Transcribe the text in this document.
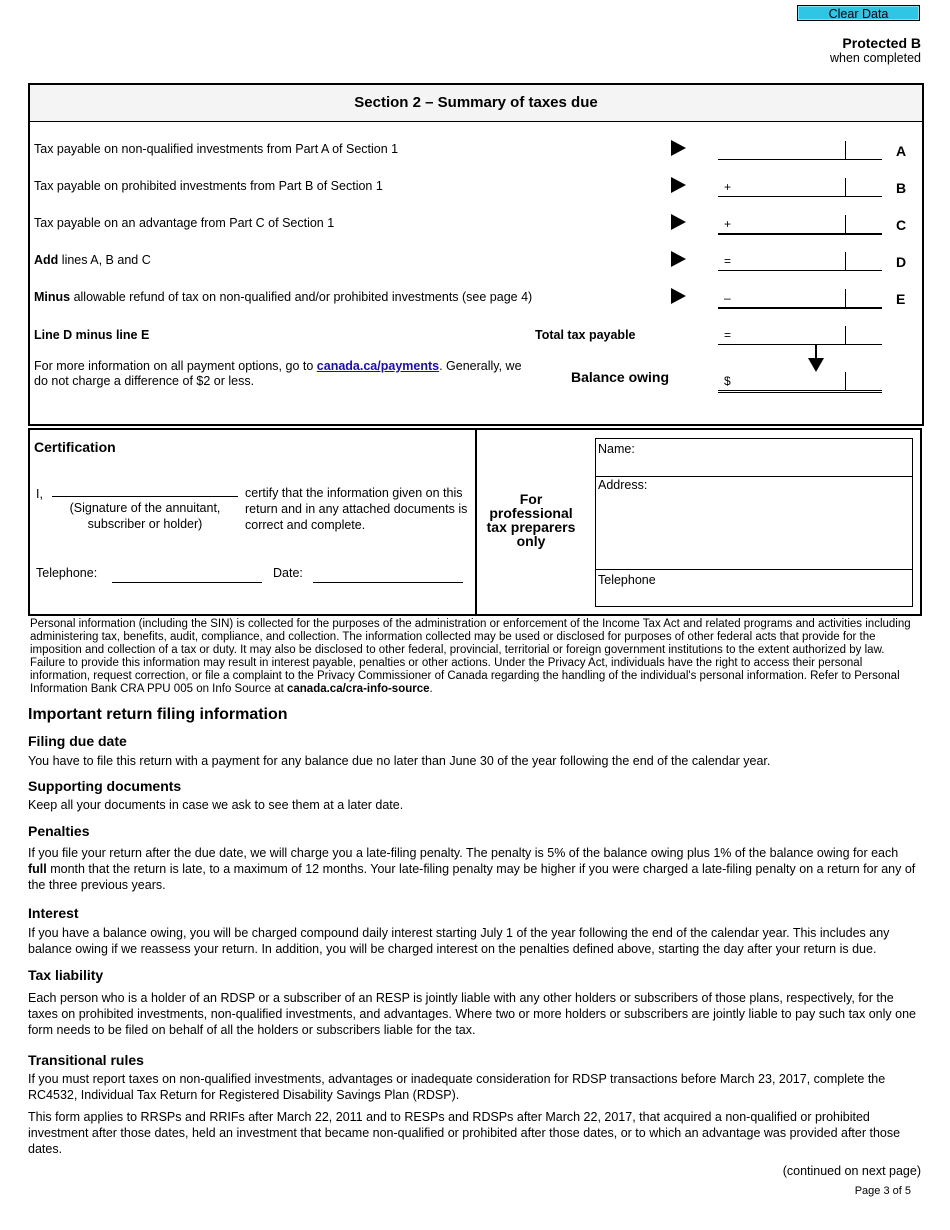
Clear Data
Protected B
when completed
Section 2 – Summary of taxes due
Tax payable on non-qualified investments from Part A of Section 1	A
Tax payable on prohibited investments from Part B of Section 1	+	B
Tax payable on an advantage from Part C of Section 1	+	C
Add lines A, B and C	=	D
Minus allowable refund of tax on non-qualified and/or prohibited investments (see page 4)	–	E
Line D minus line E	Total tax payable	=
For more information on all payment options, go to canada.ca/payments. Generally, we do not charge a difference of $2 or less.	Balance owing	$
Certification
I,
(Signature of the annuitant, subscriber or holder)
certify that the information given on this return and in any attached documents is correct and complete.
Telephone:	Date:
For professional tax preparers only
Name:
Address:
Telephone
Personal information (including the SIN) is collected for the purposes of the administration or enforcement of the Income Tax Act and related programs and activities including administering tax, benefits, audit, compliance, and collection. The information collected may be used or disclosed for purposes of other federal acts that provide for the imposition and collection of a tax or duty. It may also be disclosed to other federal, provincial, territorial or foreign government institutions to the extent authorized by law. Failure to provide this information may result in interest payable, penalties or other actions. Under the Privacy Act, individuals have the right to access their personal information, request correction, or file a complaint to the Privacy Commissioner of Canada regarding the handling of the individual's personal information. Refer to Personal Information Bank CRA PPU 005 on Info Source at canada.ca/cra-info-source.
Important return filing information
Filing due date
You have to file this return with a payment for any balance due no later than June 30 of the year following the end of the calendar year.
Supporting documents
Keep all your documents in case we ask to see them at a later date.
Penalties
If you file your return after the due date, we will charge you a late-filing penalty. The penalty is 5% of the balance owing plus 1% of the balance owing for each full month that the return is late, to a maximum of 12 months. Your late-filing penalty may be higher if you were charged a late-filing penalty on a return for any of the three previous years.
Interest
If you have a balance owing, you will be charged compound daily interest starting July 1 of the year following the end of the calendar year. This includes any balance owing if we reassess your return. In addition, you will be charged interest on the penalties defined above, starting the day after your return is due.
Tax liability
Each person who is a holder of an RDSP or a subscriber of an RESP is jointly liable with any other holders or subscribers of those plans, respectively, for the taxes on prohibited investments, non-qualified investments, and advantages. Where two or more holders or subscribers are jointly liable to pay such tax only one form needs to be filed on behalf of all the holders or subscribers liable for the tax.
Transitional rules
If you must report taxes on non-qualified investments, advantages or inadequate consideration for RDSP transactions before March 23, 2017, complete the RC4532, Individual Tax Return for Registered Disability Savings Plan (RDSP).
This form applies to RRSPs and RRIFs after March 22, 2011 and to RESPs and RDSPs after March 22, 2017, that acquired a non-qualified or prohibited investment after those dates, held an investment that became non-qualified or prohibited after those dates, or to which an advantage was provided after those dates.
(continued on next page)
Page 3 of 5
